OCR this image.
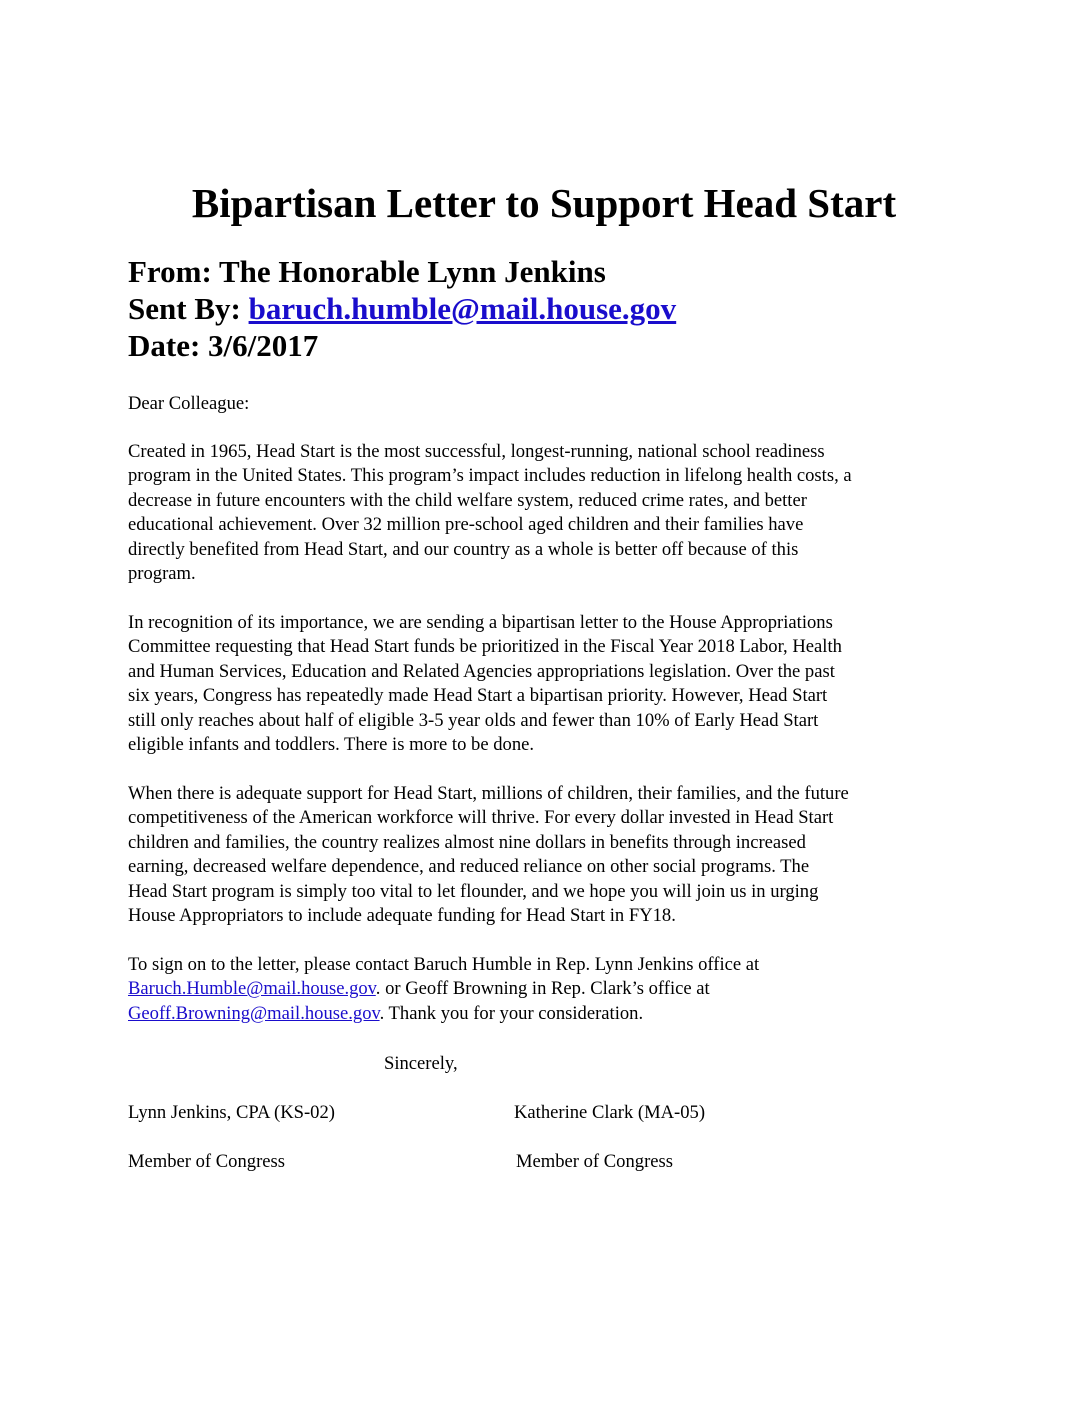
Bipartisan Letter to Support Head Start
From: The Honorable Lynn Jenkins
Sent By: baruch.humble@mail.house.gov
Date: 3/6/2017
Dear Colleague:
Created in 1965, Head Start is the most successful, longest-running, national school readiness
program in the United States. This program’s impact includes reduction in lifelong health costs, a
decrease in future encounters with the child welfare system, reduced crime rates, and better
educational achievement. Over 32 million pre-school aged children and their families have
directly benefited from Head Start, and our country as a whole is better off because of this
program.
In recognition of its importance, we are sending a bipartisan letter to the House Appropriations
Committee requesting that Head Start funds be prioritized in the Fiscal Year 2018 Labor, Health
and Human Services, Education and Related Agencies appropriations legislation. Over the past
six years, Congress has repeatedly made Head Start a bipartisan priority. However, Head Start
still only reaches about half of eligible 3-5 year olds and fewer than 10% of Early Head Start
eligible infants and toddlers. There is more to be done.
When there is adequate support for Head Start, millions of children, their families, and the future
competitiveness of the American workforce will thrive. For every dollar invested in Head Start
children and families, the country realizes almost nine dollars in benefits through increased
earning, decreased welfare dependence, and reduced reliance on other social programs. The
Head Start program is simply too vital to let flounder, and we hope you will join us in urging
House Appropriators to include adequate funding for Head Start in FY18.
To sign on to the letter, please contact Baruch Humble in Rep. Lynn Jenkins office at
Baruch.Humble@mail.house.gov. or Geoff Browning in Rep. Clark’s office at
Geoff.Browning@mail.house.gov. Thank you for your consideration.
Sincerely,
Lynn Jenkins, CPA (KS-02)	Katherine Clark (MA-05)
Member of Congress	Member of Congress
